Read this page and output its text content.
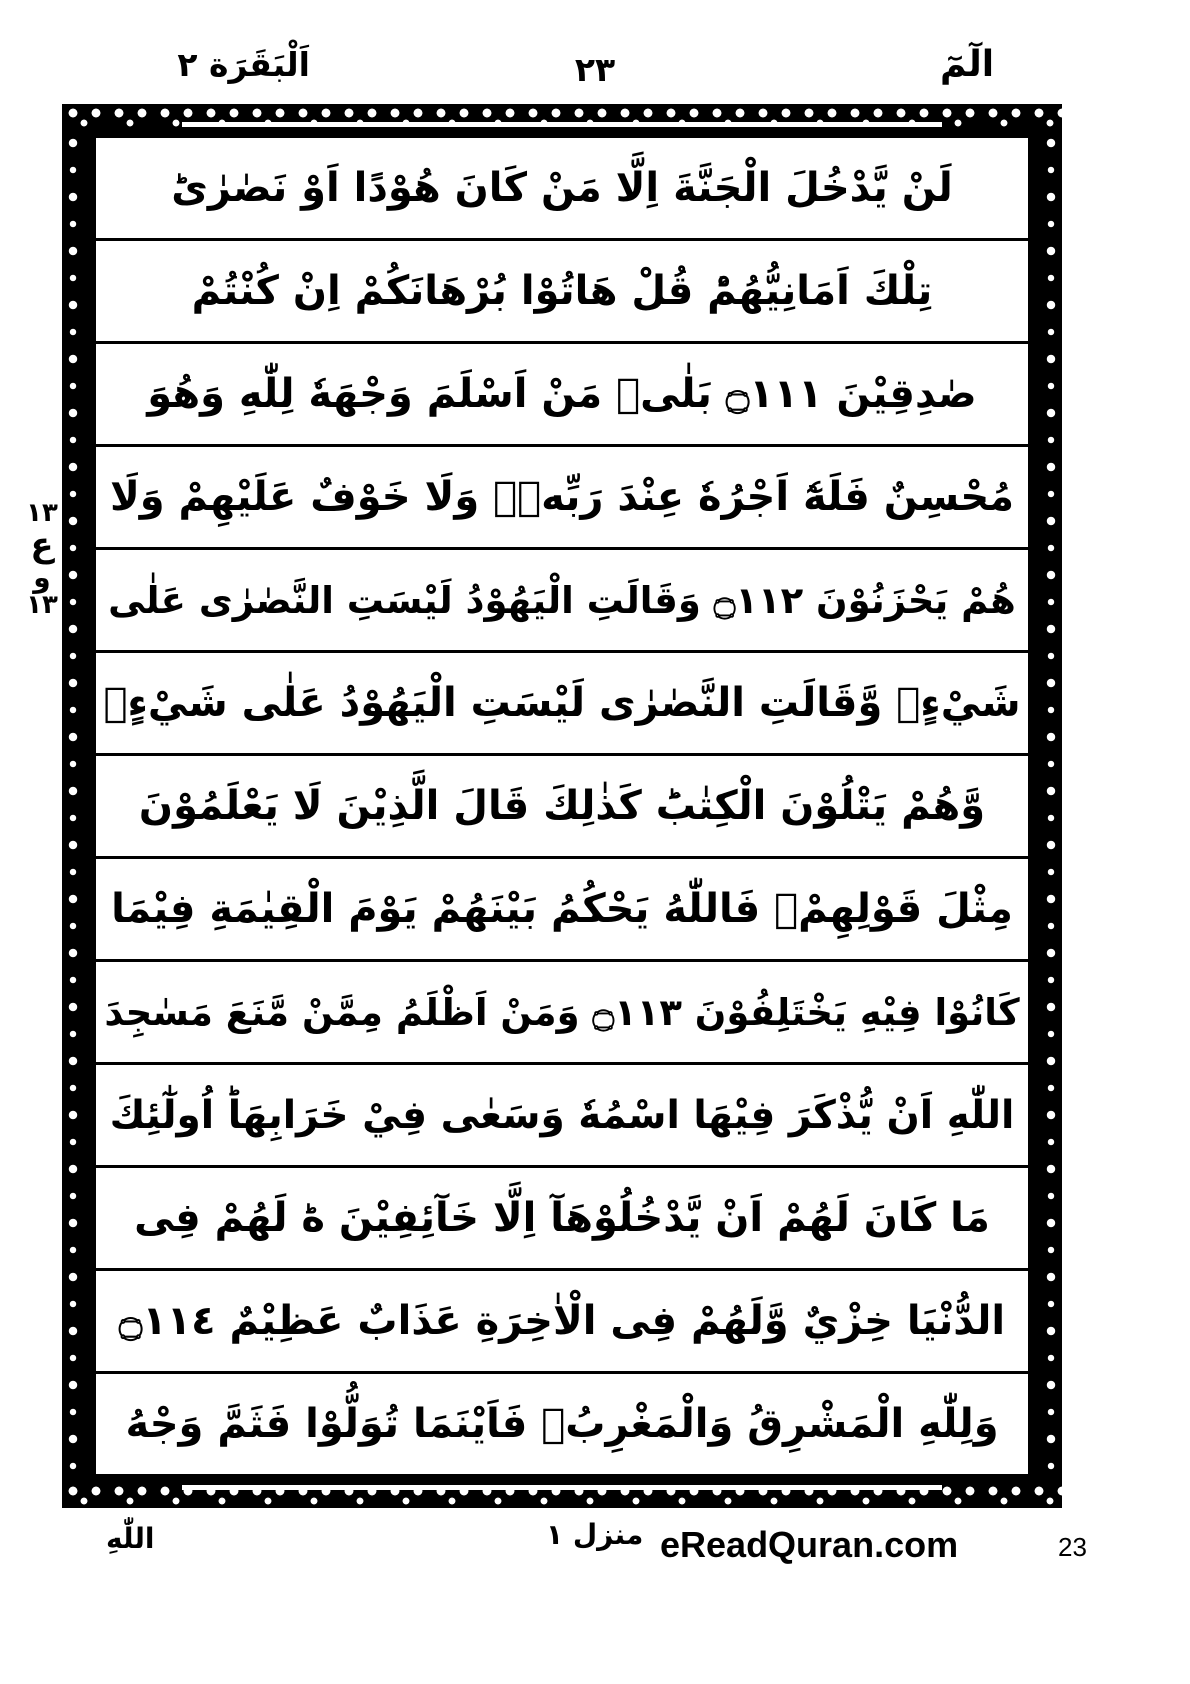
اَلْبَقَرَة ٢	٢٣	الٓمٓ
١٣
ع
و
١٣
لَنْ يَّدْخُلَ الْجَنَّةَ اِلَّا مَنْ كَانَ هُوْدًا اَوْ نَصٰرٰىؕ
تِلْكَ اَمَانِيُّهُمْؕ قُلْ هَاتُوْا بُرْهَانَكُمْ اِنْ كُنْتُمْ
صٰدِقِيْنَ ۝١١١ بَلٰىۗ مَنْ اَسْلَمَ وَجْهَهٗ لِلّٰهِ وَهُوَ
مُحْسِنٌ فَلَهٗٓ اَجْرُهٗ عِنْدَ رَبِّهٖۖ وَلَا خَوْفٌ عَلَيْهِمْ وَلَا
هُمْ يَحْزَنُوْنَ ۝١١٢ وَقَالَتِ الْيَهُوْدُ لَيْسَتِ النَّصٰرٰى عَلٰى
شَيْءٍۖ وَّقَالَتِ النَّصٰرٰى لَيْسَتِ الْيَهُوْدُ عَلٰى شَيْءٍۙ
وَّهُمْ يَتْلُوْنَ الْكِتٰبَؕ كَذٰلِكَ قَالَ الَّذِيْنَ لَا يَعْلَمُوْنَ
مِثْلَ قَوْلِهِمْۚ فَاللّٰهُ يَحْكُمُ بَيْنَهُمْ يَوْمَ الْقِيٰمَةِ فِيْمَا
كَانُوْا فِيْهِ يَخْتَلِفُوْنَ ۝١١٣ وَمَنْ اَظْلَمُ مِمَّنْ مَّنَعَ مَسٰجِدَ
اللّٰهِ اَنْ يُّذْكَرَ فِيْهَا اسْمُهٗ وَسَعٰى فِيْ خَرَابِهَاؕ اُولٰٓئِكَ
مَا كَانَ لَهُمْ اَنْ يَّدْخُلُوْهَآ اِلَّا خَآئِفِيْنَ ەؕ لَهُمْ فِى
الدُّنْيَا خِزْيٌ وَّلَهُمْ فِى الْاٰخِرَةِ عَذَابٌ عَظِيْمٌ ۝١١٤
وَلِلّٰهِ الْمَشْرِقُ وَالْمَغْرِبُۗ فَاَيْنَمَا تُوَلُّوْا فَثَمَّ وَجْهُ
اللّٰهِ	منزل ١ eReadQuran.com	23
